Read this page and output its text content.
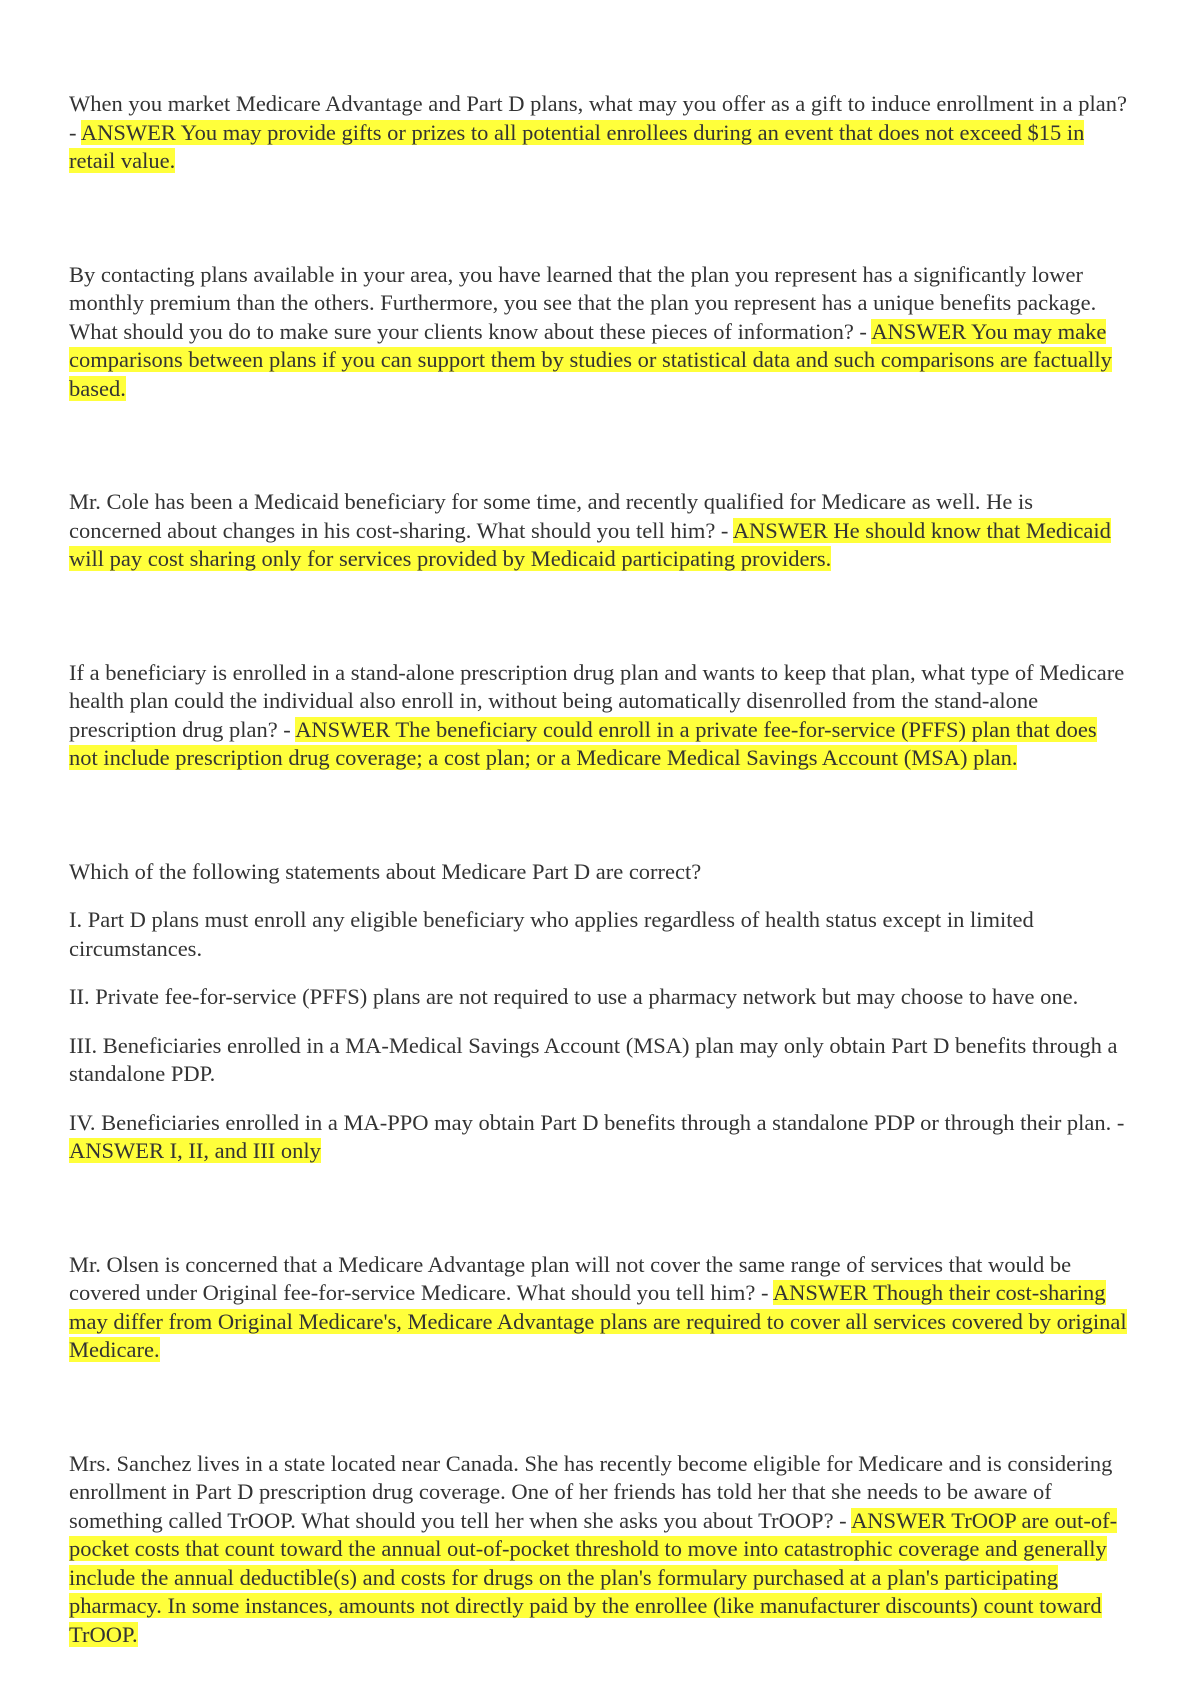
When you market Medicare Advantage and Part D plans, what may you offer as a gift to induce enrollment in a plan? - ANSWER You may provide gifts or prizes to all potential enrollees during an event that does not exceed $15 in retail value.

By contacting plans available in your area, you have learned that the plan you represent has a significantly lower monthly premium than the others. Furthermore, you see that the plan you represent has a unique benefits package. What should you do to make sure your clients know about these pieces of information? - ANSWER You may make comparisons between plans if you can support them by studies or statistical data and such comparisons are factually based.

Mr. Cole has been a Medicaid beneficiary for some time, and recently qualified for Medicare as well. He is concerned about changes in his cost-sharing. What should you tell him? - ANSWER He should know that Medicaid will pay cost sharing only for services provided by Medicaid participating providers.

If a beneficiary is enrolled in a stand-alone prescription drug plan and wants to keep that plan, what type of Medicare health plan could the individual also enroll in, without being automatically disenrolled from the stand-alone prescription drug plan? - ANSWER The beneficiary could enroll in a private fee-for-service (PFFS) plan that does not include prescription drug coverage; a cost plan; or a Medicare Medical Savings Account (MSA) plan.

Which of the following statements about Medicare Part D are correct?

I. Part D plans must enroll any eligible beneficiary who applies regardless of health status except in limited circumstances.

II. Private fee-for-service (PFFS) plans are not required to use a pharmacy network but may choose to have one.

III. Beneficiaries enrolled in a MA-Medical Savings Account (MSA) plan may only obtain Part D benefits through a standalone PDP.

IV. Beneficiaries enrolled in a MA-PPO may obtain Part D benefits through a standalone PDP or through their plan. - ANSWER I, II, and III only

Mr. Olsen is concerned that a Medicare Advantage plan will not cover the same range of services that would be covered under Original fee-for-service Medicare. What should you tell him? - ANSWER Though their cost-sharing may differ from Original Medicare's, Medicare Advantage plans are required to cover all services covered by original Medicare.

Mrs. Sanchez lives in a state located near Canada. She has recently become eligible for Medicare and is considering enrollment in Part D prescription drug coverage. One of her friends has told her that she needs to be aware of something called TrOOP. What should you tell her when she asks you about TrOOP? - ANSWER TrOOP are out-of-pocket costs that count toward the annual out-of-pocket threshold to move into catastrophic coverage and generally include the annual deductible(s) and costs for drugs on the plan's formulary purchased at a plan's participating pharmacy. In some instances, amounts not directly paid by the enrollee (like manufacturer discounts) count toward TrOOP.
